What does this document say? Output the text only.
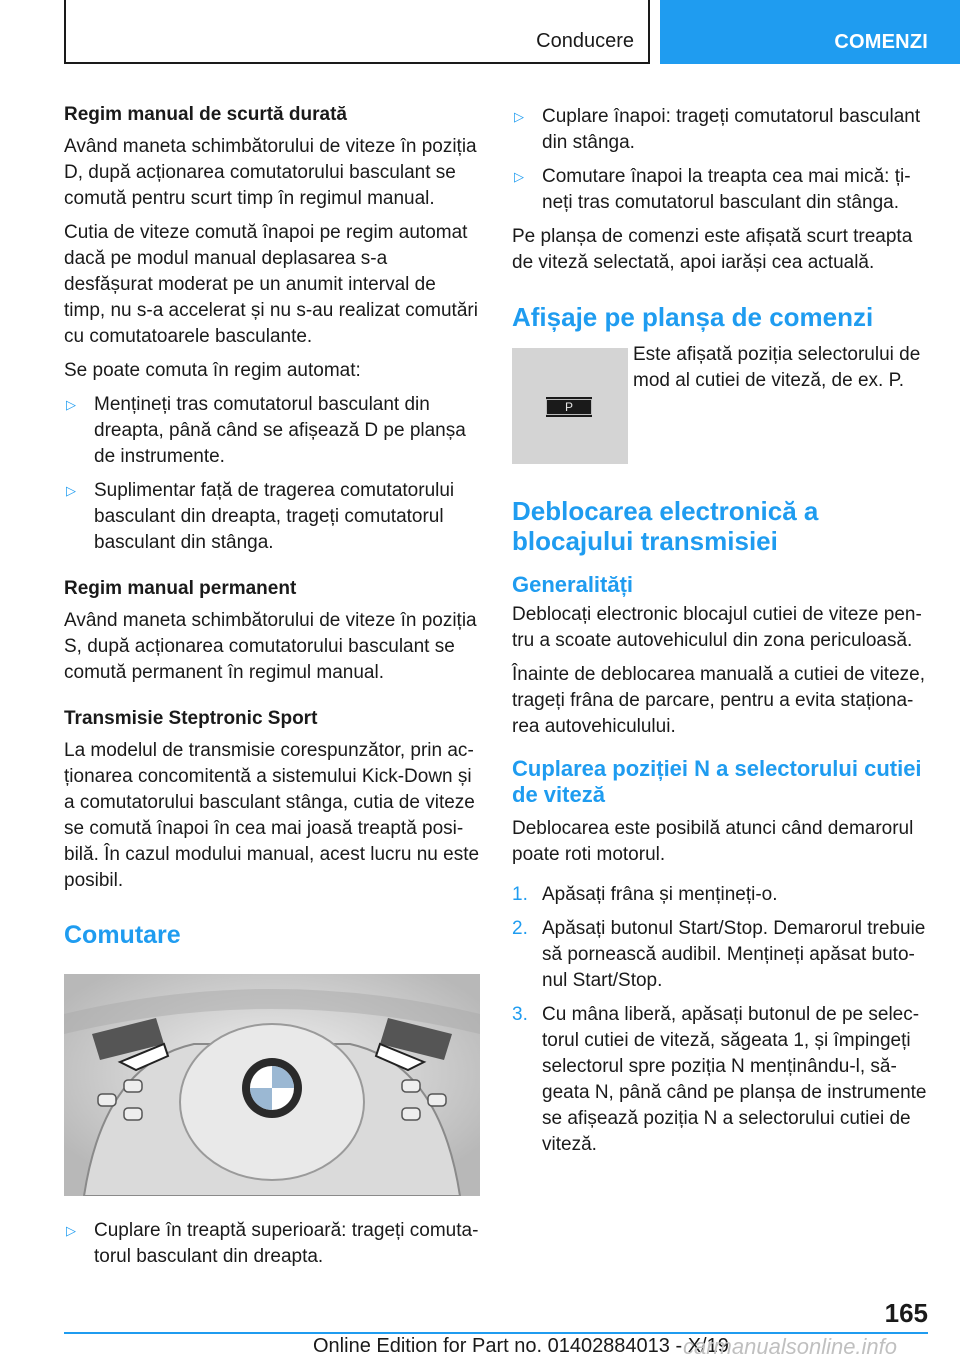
Conducere	COMENZI
Regim manual de scurtă durată

Având maneta schimbătorului de viteze în poziția D, după acționarea comutatorului basculant se comută pentru scurt timp în regimul manual.

Cutia de viteze comută înapoi pe regim automat dacă pe modul manual deplasarea s-a desfășurat moderat pe un anumit interval de timp, nu s-a accelerat și nu s-au realizat comutări cu comutatoarele basculante.

Se poate comuta în regim automat:

▷ Mențineți tras comutatorul basculant din dreapta, până când se afișează D pe planșa de instrumente.
▷ Suplimentar față de tragerea comutatorului basculant din dreapta, trageți comutatorul basculant din stânga.
Regim manual permanent

Având maneta schimbătorului de viteze în poziția S, după acționarea comutatorului basculant se comută permanent în regimul manual.

Transmisie Steptronic Sport

La modelul de transmisie corespunzător, prin acționarea concomitentă a sistemului Kick-Down și a comutatorului basculant stânga, cutia de viteze se comută înapoi în cea mai joasă treaptă posibilă. În cazul modului manual, acest lucru nu este posibil.

Comutare
▷ Cuplare în treaptă superioară: trageți comutatorul basculant din dreapta.
▷ Cuplare înapoi: trageți comutatorul basculant din stânga.
▷ Comutare înapoi la treapta cea mai mică: țineți tras comutatorul basculant din stânga.

Pe planșa de comenzi este afișată scurt treapta de viteză selectată, apoi iarăși cea actuală.

Afișaje pe planșa de comenzi
P
Este afișată poziția selectorului de mod al cutiei de viteză, de ex. P.
Deblocarea electronică a blocajului transmisiei
Generalități

Deblocați electronic blocajul cutiei de viteze pentru a scoate autovehiculul din zona periculoasă.

Înainte de deblocarea manuală a cutiei de viteze, trageți frâna de parcare, pentru a evita staționarea autovehiculului.

Cuplarea poziției N a selectorului cutiei de viteză

Deblocarea este posibilă atunci când demarorul poate roti motorul.

1. Apăsați frâna și mențineți-o.
2. Apăsați butonul Start/Stop. Demarorul trebuie să pornească audibil. Mențineți apăsat butonul Start/Stop.
3. Cu mâna liberă, apăsați butonul de pe selectorul cutiei de viteză, săgeata 1, și împingeți selectorul spre poziția N menținându-l, săgeata N, până când pe planșa de instrumente se afișează poziția N a selectorului cutiei de viteză.
165
Online Edition for Part no. 01402884013 - X/19
carmanualsonline.info
